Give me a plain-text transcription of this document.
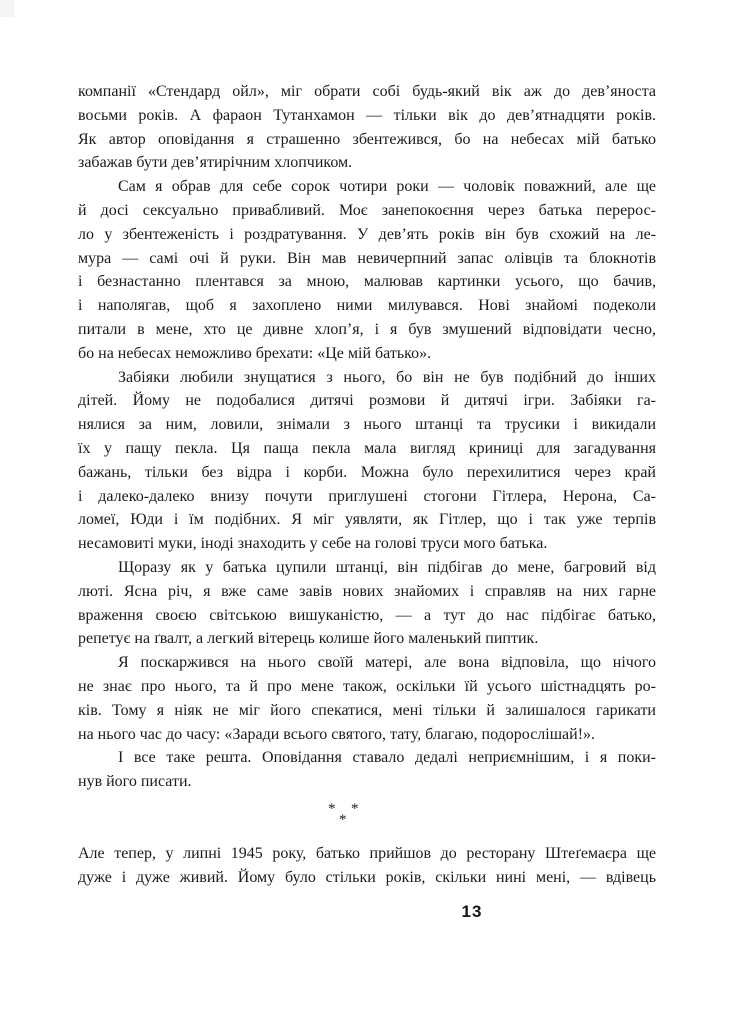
компанії «Стендард ойл», міг обрати собі будь-який вік аж до дев’яноста
восьми років. А фараон Тутанхамон — тільки вік до дев’ятнадцяти років.
Як автор оповідання я страшенно збентежився, бо на небесах мій батько
забажав бути дев’ятирічним хлопчиком.
Сам я обрав для себе сорок чотири роки — чоловік поважний, але ще
й досі сексуально привабливий. Моє занепокоєння через батька перерос-
ло у збентеженість і роздратування. У дев’ять років він був схожий на ле-
мура — самі очі й руки. Він мав невичерпний запас олівців та блокнотів
і безнастанно плентався за мною, малював картинки усього, що бачив,
і наполягав, щоб я захоплено ними милувався. Нові знайомі подеколи
питали в мене, хто це дивне хлоп’я, і я був змушений відповідати чесно,
бо на небесах неможливо брехати: «Це мій батько».
Забіяки любили знущатися з нього, бо він не був подібний до інших
дітей. Йому не подобалися дитячі розмови й дитячі ігри. Забіяки га-
нялися за ним, ловили, знімали з нього штанці та трусики і викидали
їх у пащу пекла. Ця паща пекла мала вигляд криниці для загадування
бажань, тільки без відра і корби. Можна було перехилитися через край
і далеко-далеко внизу почути приглушені стогони Гітлера, Нерона, Са-
ломеї, Юди і їм подібних. Я міг уявляти, як Гітлер, що і так уже терпів
несамовиті муки, іноді знаходить у себе на голові труси мого батька.
Щоразу як у батька цупили штанці, він підбігав до мене, багровий від
люті. Ясна річ, я вже саме завів нових знайомих і справляв на них гарне
враження своєю світською вишуканістю, — а тут до нас підбігає батько,
репетує на ґвалт, а легкий вітерець колише його маленький пиптик.
Я поскаржився на нього своїй матері, але вона відповіла, що нічого
не знає про нього, та й про мене також, оскільки їй усього шістнадцять ро-
ків. Тому я ніяк не міг його спекатися, мені тільки й залишалося гарикати
на нього час до часу: «Заради всього святого, тату, благаю, подорослішай!».
І все таке решта. Оповідання ставало дедалі неприємнішим, і я поки-
нув його писати.
* *
*
Але тепер, у липні 1945 року, батько прийшов до ресторану Штеґемаєра ще
дуже і дуже живий. Йому було стільки років, скільки нині мені, — вдівець
13
